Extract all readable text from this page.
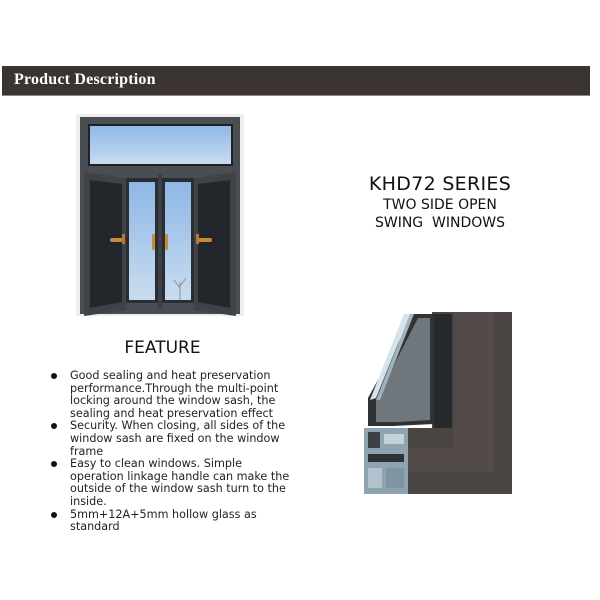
Product Description
KHD72 SERIES
TWO SIDE OPEN
SWING  WINDOWS
FEATURE
Good sealing and heat preservation performance.Through the multi-point locking around the window sash, the sealing and heat preservation effect
Security. When closing, all sides of the window sash are fixed on the window frame
Easy to clean windows. Simple operation linkage handle can make the outside of the window sash turn to the inside.
5mm+12A+5mm hollow glass as standard
